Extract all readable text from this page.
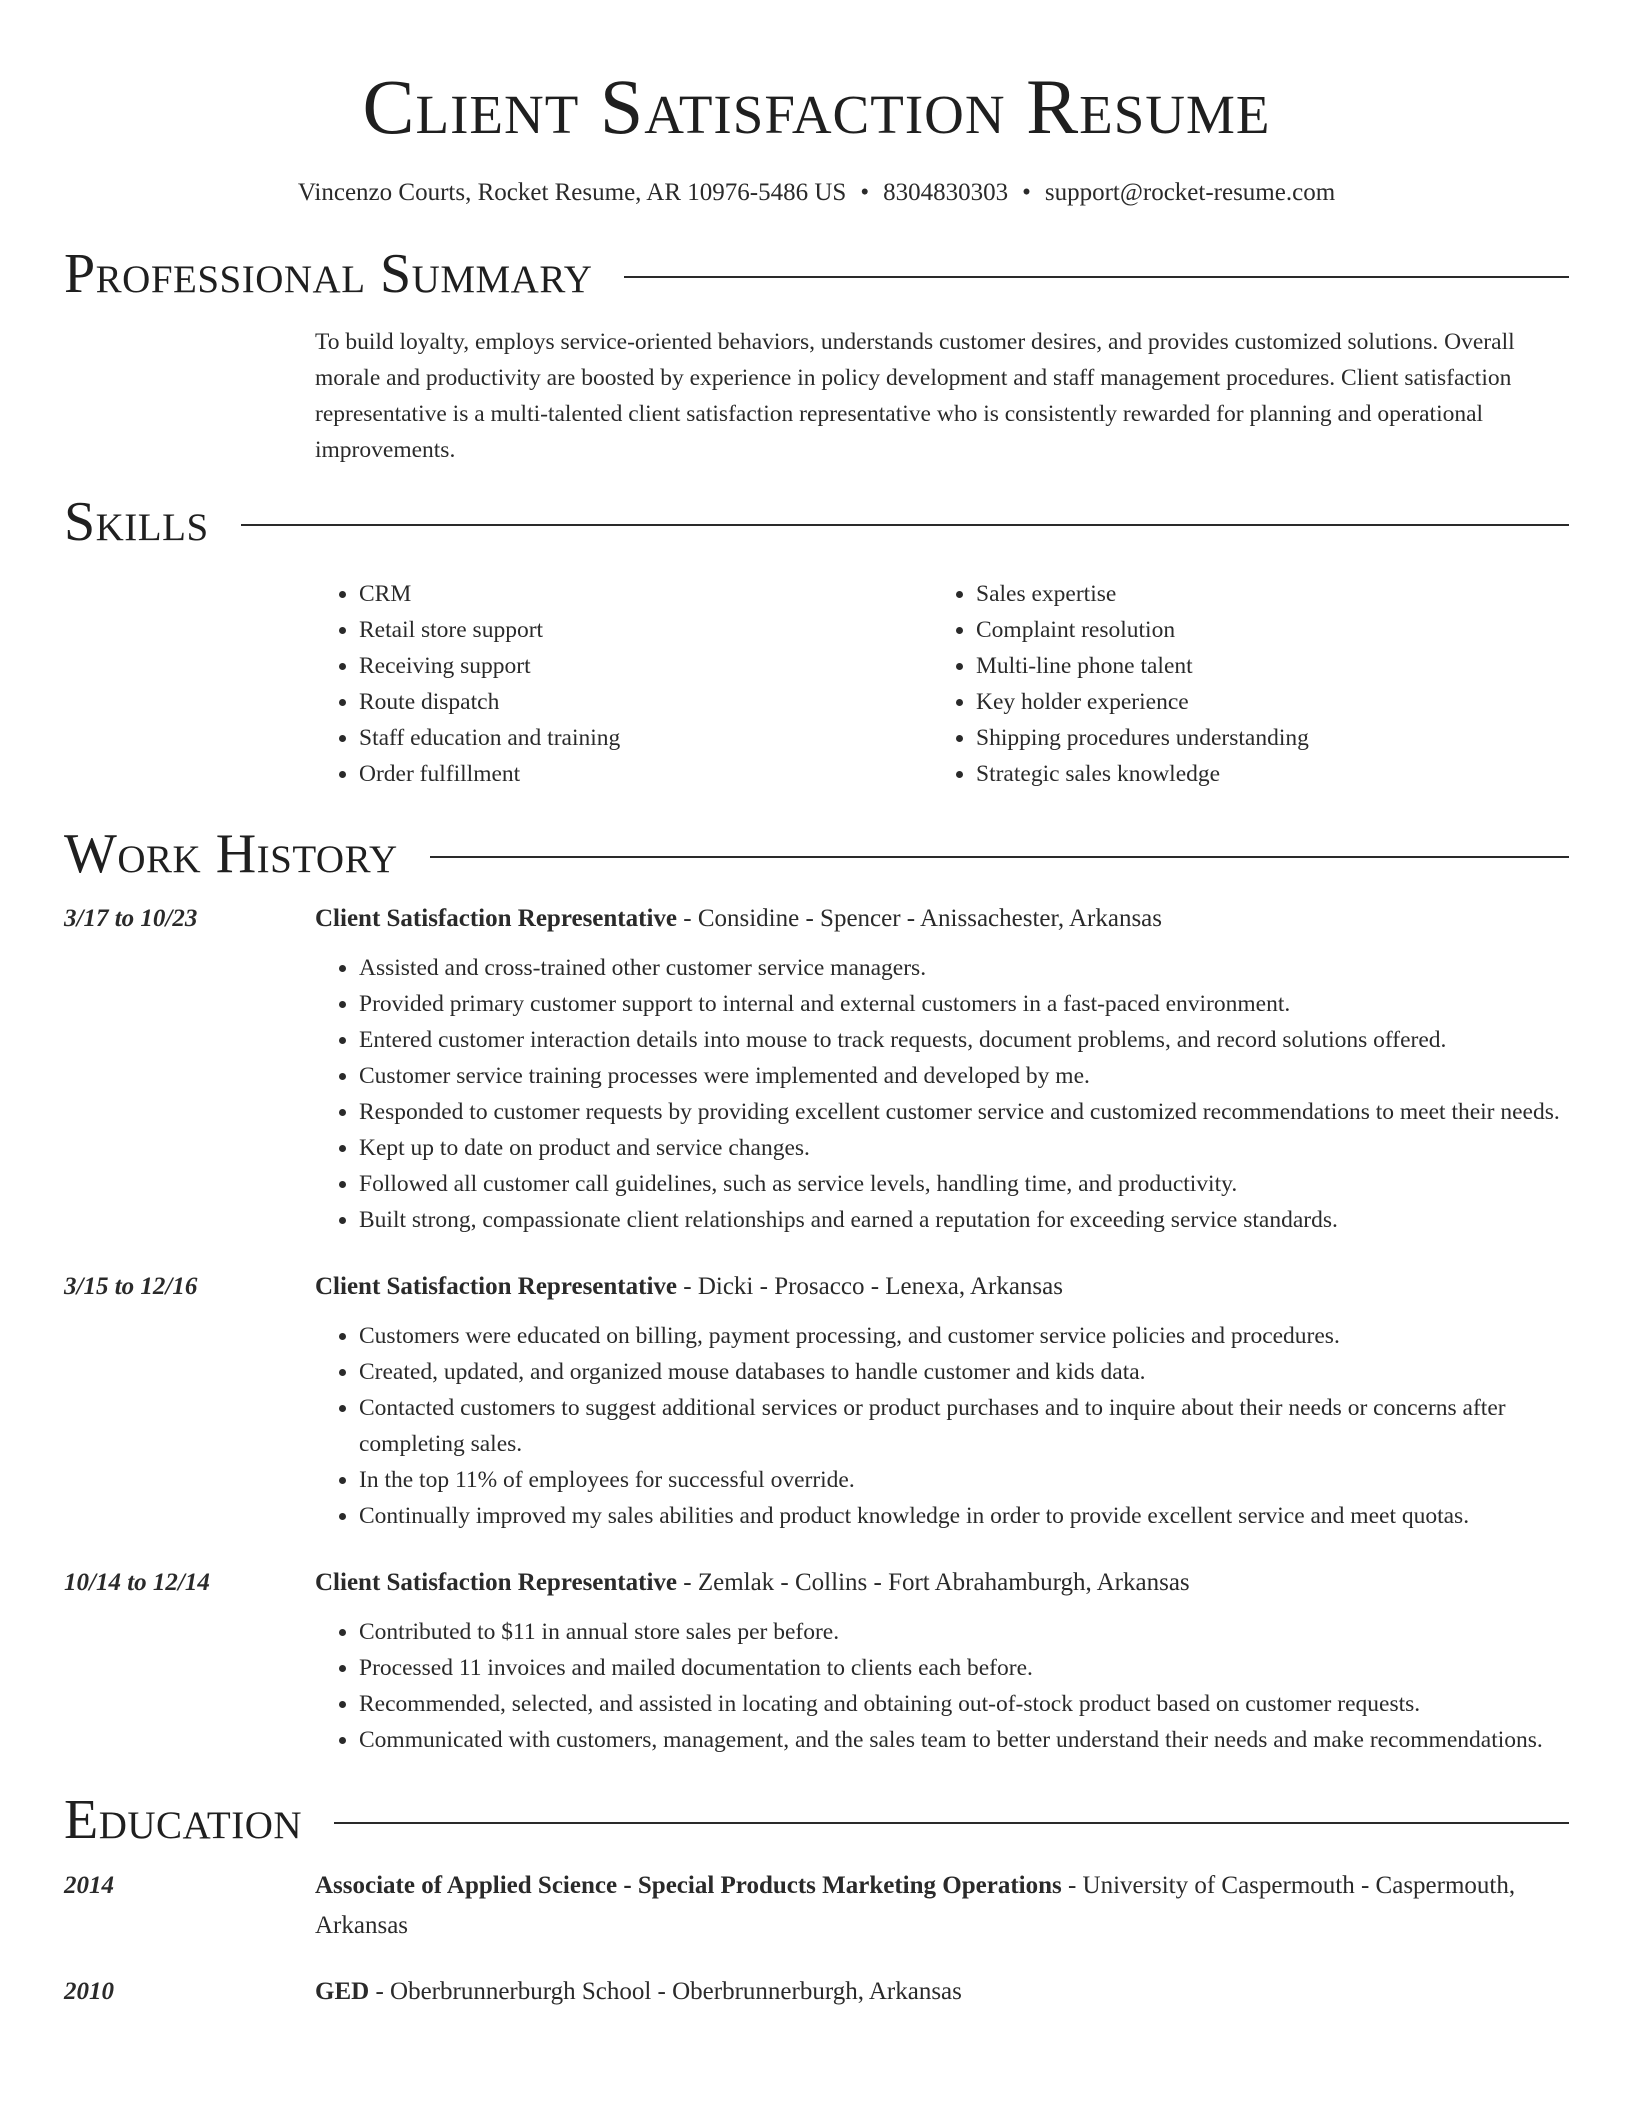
Client Satisfaction Resume
Vincenzo Courts, Rocket Resume, AR 10976-5486 US • 8304830303 • support@rocket-resume.com
Professional Summary
To build loyalty, employs service-oriented behaviors, understands customer desires, and provides customized solutions. Overall morale and productivity are boosted by experience in policy development and staff management procedures. Client satisfaction representative is a multi-talented client satisfaction representative who is consistently rewarded for planning and operational improvements.
Skills
• CRM
• Retail store support
• Receiving support
• Route dispatch
• Staff education and training
• Order fulfillment
• Sales expertise
• Complaint resolution
• Multi-line phone talent
• Key holder experience
• Shipping procedures understanding
• Strategic sales knowledge
Work History
3/17 to 10/23	Client Satisfaction Representative - Considine - Spencer - Anissachester, Arkansas
• Assisted and cross-trained other customer service managers.
• Provided primary customer support to internal and external customers in a fast-paced environment.
• Entered customer interaction details into mouse to track requests, document problems, and record solutions offered.
• Customer service training processes were implemented and developed by me.
• Responded to customer requests by providing excellent customer service and customized recommendations to meet their needs.
• Kept up to date on product and service changes.
• Followed all customer call guidelines, such as service levels, handling time, and productivity.
• Built strong, compassionate client relationships and earned a reputation for exceeding service standards.
3/15 to 12/16	Client Satisfaction Representative - Dicki - Prosacco - Lenexa, Arkansas
• Customers were educated on billing, payment processing, and customer service policies and procedures.
• Created, updated, and organized mouse databases to handle customer and kids data.
• Contacted customers to suggest additional services or product purchases and to inquire about their needs or concerns after completing sales.
• In the top 11% of employees for successful override.
• Continually improved my sales abilities and product knowledge in order to provide excellent service and meet quotas.
10/14 to 12/14	Client Satisfaction Representative - Zemlak - Collins - Fort Abrahamburgh, Arkansas
• Contributed to $11 in annual store sales per before.
• Processed 11 invoices and mailed documentation to clients each before.
• Recommended, selected, and assisted in locating and obtaining out-of-stock product based on customer requests.
• Communicated with customers, management, and the sales team to better understand their needs and make recommendations.
Education
2014	Associate of Applied Science - Special Products Marketing Operations - University of Caspermouth - Caspermouth, Arkansas
2010	GED - Oberbrunnerburgh School - Oberbrunnerburgh, Arkansas
